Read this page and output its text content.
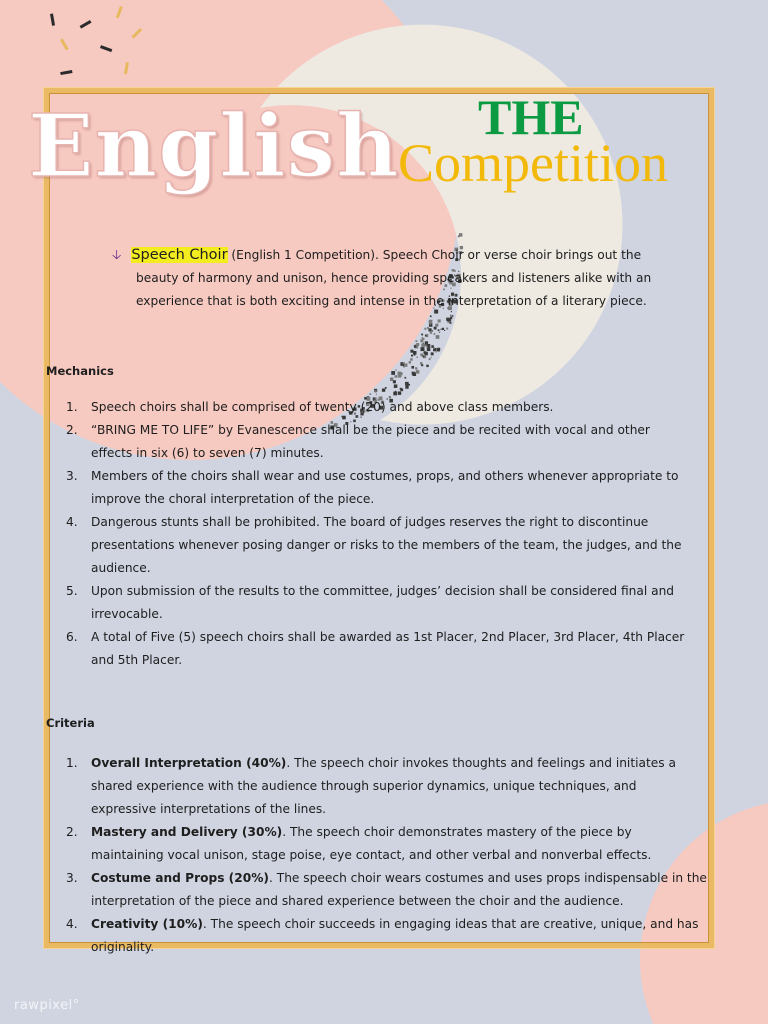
English THE
Competition
🡣 Speech Choir (English 1 Competition). Speech Choir or verse choir brings out the
beauty of harmony and unison, hence providing speakers and listeners alike with an
experience that is both exciting and intense in the interpretation of a literary piece.
Mechanics
1.	Speech choirs shall be comprised of twenty (20) and above class members.
2.	“BRING ME TO LIFE” by Evanescence shall be the piece and be recited with vocal and other
effects in six (6) to seven (7) minutes.
3.	Members of the choirs shall wear and use costumes, props, and others whenever appropriate to
improve the choral interpretation of the piece.
4.	Dangerous stunts shall be prohibited. The board of judges reserves the right to discontinue
presentations whenever posing danger or risks to the members of the team, the judges, and the
audience.
5.	Upon submission of the results to the committee, judges’ decision shall be considered final and
irrevocable.
6.	A total of Five (5) speech choirs shall be awarded as 1st Placer, 2nd Placer, 3rd Placer, 4th Placer
and 5th Placer.
Criteria
1.	Overall Interpretation (40%). The speech choir invokes thoughts and feelings and initiates a
shared experience with the audience through superior dynamics, unique techniques, and
expressive interpretations of the lines.
2.	Mastery and Delivery (30%). The speech choir demonstrates mastery of the piece by
maintaining vocal unison, stage poise, eye contact, and other verbal and nonverbal effects.
3.	Costume and Props (20%). The speech choir wears costumes and uses props indispensable in the
interpretation of the piece and shared experience between the choir and the audience.
4.	Creativity (10%). The speech choir succeeds in engaging ideas that are creative, unique, and has
originality.
rawpixel°
